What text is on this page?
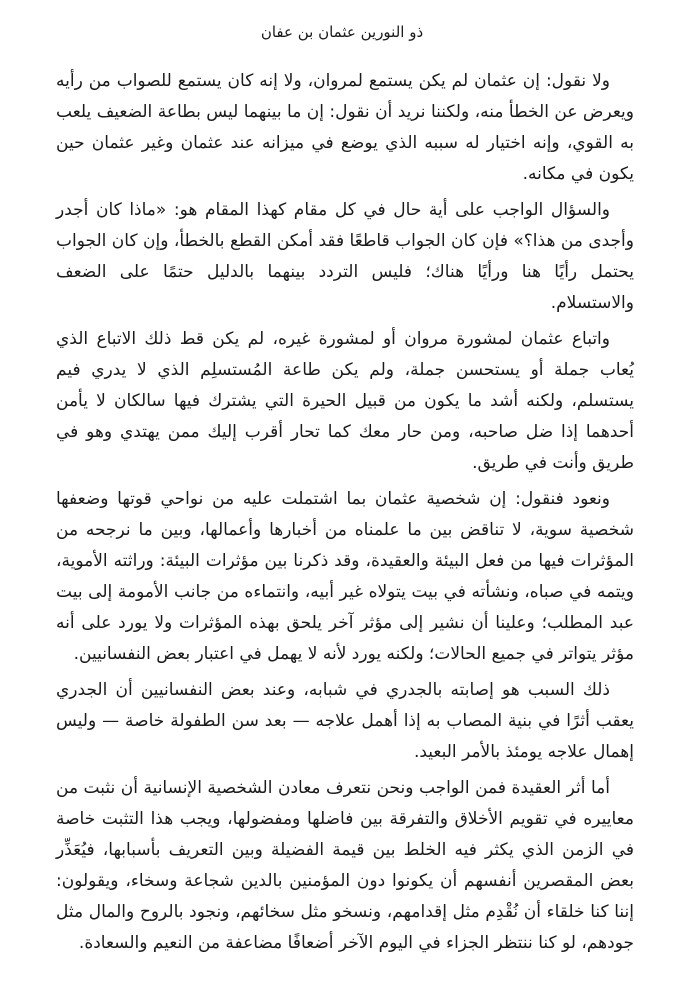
ذو النورين عثمان بن عفان

ولا نقول: إن عثمان لم يكن يستمع لمروان، ولا إنه كان يستمع للصواب من رأيه ويعرض عن الخطأ منه، ولكننا نريد أن نقول: إن ما بينهما ليس بطاعة الضعيف يلعب به القوي، وإنه اختيار له سببه الذي يوضع في ميزانه عند عثمان وغير عثمان حين يكون في مكانه.

والسؤال الواجب على أية حال في كل مقام كهذا المقام هو: «ماذا كان أجدر وأجدى من هذا؟» فإن كان الجواب قاطعًا فقد أمكن القطع بالخطأ، وإن كان الجواب يحتمل رأيًا هنا ورأيًا هناك؛ فليس التردد بينهما بالدليل حتمًا على الضعف والاستسلام.

واتباع عثمان لمشورة مروان أو لمشورة غيره، لم يكن قط ذلك الاتباع الذي يُعاب جملة أو يستحسن جملة، ولم يكن طاعة المُستسلِم الذي لا يدري فيم يستسلم، ولكنه أشد ما يكون من قبيل الحيرة التي يشترك فيها سالكان لا يأمن أحدهما إذا ضل صاحبه، ومن حار معك كما تحار أقرب إليك ممن يهتدي وهو في طريق وأنت في طريق.

ونعود فنقول: إن شخصية عثمان بما اشتملت عليه من نواحي قوتها وضعفها شخصية سوية، لا تناقض بين ما علمناه من أخبارها وأعمالها، وبين ما نرجحه من المؤثرات فيها من فعل البيئة والعقيدة، وقد ذكرنا بين مؤثرات البيئة: وراثته الأموية، ويتمه في صباه، ونشأته في بيت يتولاه غير أبيه، وانتماءه من جانب الأمومة إلى بيت عبد المطلب؛ وعلينا أن نشير إلى مؤثر آخر يلحق بهذه المؤثرات ولا يورد على أنه مؤثر يتواتر في جميع الحالات؛ ولكنه يورد لأنه لا يهمل في اعتبار بعض النفسانيين.

ذلك السبب هو إصابته بالجدري في شبابه، وعند بعض النفسانيين أن الجدري يعقب أثرًا في بنية المصاب به إذا أهمل علاجه — بعد سن الطفولة خاصة — وليس إهمال علاجه يومئذ بالأمر البعيد.

أما أثر العقيدة فمن الواجب ونحن نتعرف معادن الشخصية الإنسانية أن نثبت من معاييره في تقويم الأخلاق والتفرقة بين فاضلها ومفضولها، ويجب هذا التثبت خاصة في الزمن الذي يكثر فيه الخلط بين قيمة الفضيلة وبين التعريف بأسبابها، فيُعَذِّر بعض المقصرين أنفسهم أن يكونوا دون المؤمنين بالدين شجاعة وسخاء، ويقولون: إننا كنا خلقاء أن نُقْدِم مثل إقدامهم، ونسخو مثل سخائهم، ونجود بالروح والمال مثل جودهم، لو كنا ننتظر الجزاء في اليوم الآخر أضعافًا مضاعفة من النعيم والسعادة.
